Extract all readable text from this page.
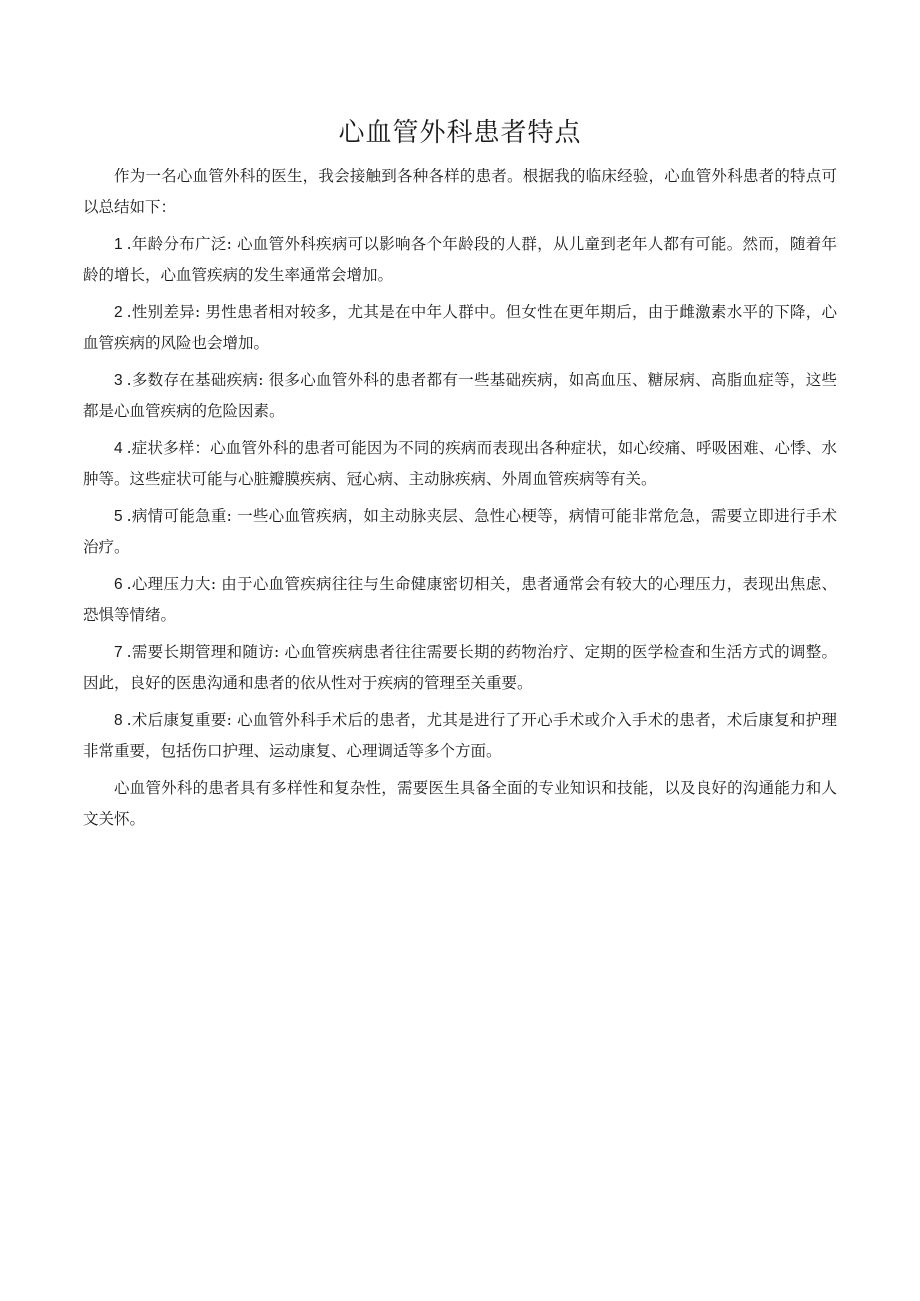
心血管外科患者特点

作为一名心血管外科的医生，我会接触到各种各样的患者。根据我的临床经验，心血管外科患者的特点可以总结如下：

1 .年龄分布广泛: 心血管外科疾病可以影响各个年龄段的人群，从儿童到老年人都有可能。然而，随着年龄的增长，心血管疾病的发生率通常会增加。

2 .性别差异: 男性患者相对较多，尤其是在中年人群中。但女性在更年期后，由于雌激素水平的下降，心血管疾病的风险也会增加。

3 .多数存在基础疾病: 很多心血管外科的患者都有一些基础疾病，如高血压、糖尿病、高脂血症等，这些都是心血管疾病的危险因素。

4 .症状多样：心血管外科的患者可能因为不同的疾病而表现出各种症状，如心绞痛、呼吸困难、心悸、水肿等。这些症状可能与心脏瓣膜疾病、冠心病、主动脉疾病、外周血管疾病等有关。

5 .病情可能急重: 一些心血管疾病，如主动脉夹层、急性心梗等，病情可能非常危急，需要立即进行手术治疗。

6 .心理压力大: 由于心血管疾病往往与生命健康密切相关，患者通常会有较大的心理压力，表现出焦虑、恐惧等情绪。

7 .需要长期管理和随访: 心血管疾病患者往往需要长期的药物治疗、定期的医学检查和生活方式的调整。因此，良好的医患沟通和患者的依从性对于疾病的管理至关重要。

8 .术后康复重要: 心血管外科手术后的患者，尤其是进行了开心手术或介入手术的患者，术后康复和护理非常重要，包括伤口护理、运动康复、心理调适等多个方面。

心血管外科的患者具有多样性和复杂性，需要医生具备全面的专业知识和技能，以及良好的沟通能力和人文关怀。
